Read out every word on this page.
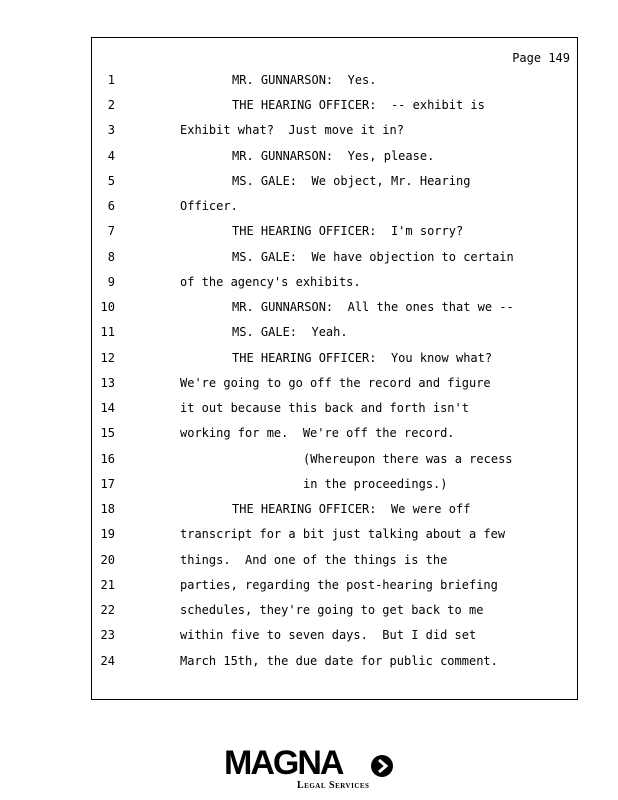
Page 149
1
2
3
4
5
6
7
8
9
10
11
12
13
14
15
16
17
18
19
20
21
22
23
24
MR. GUNNARSON:  Yes.
THE HEARING OFFICER:  -- exhibit is
Exhibit what?  Just move it in?
MR. GUNNARSON:  Yes, please.
MS. GALE:  We object, Mr. Hearing
Officer.
THE HEARING OFFICER:  I'm sorry?
MS. GALE:  We have objection to certain
of the agency's exhibits.
MR. GUNNARSON:  All the ones that we --
MS. GALE:  Yeah.
THE HEARING OFFICER:  You know what?
We're going to go off the record and figure
it out because this back and forth isn't
working for me.  We're off the record.
(Whereupon there was a recess
in the proceedings.)
THE HEARING OFFICER:  We were off
transcript for a bit just talking about a few
things.  And one of the things is the
parties, regarding the post-hearing briefing
schedules, they're going to get back to me
within five to seven days.  But I did set
March 15th, the due date for public comment.
MAGNA
Legal Services
